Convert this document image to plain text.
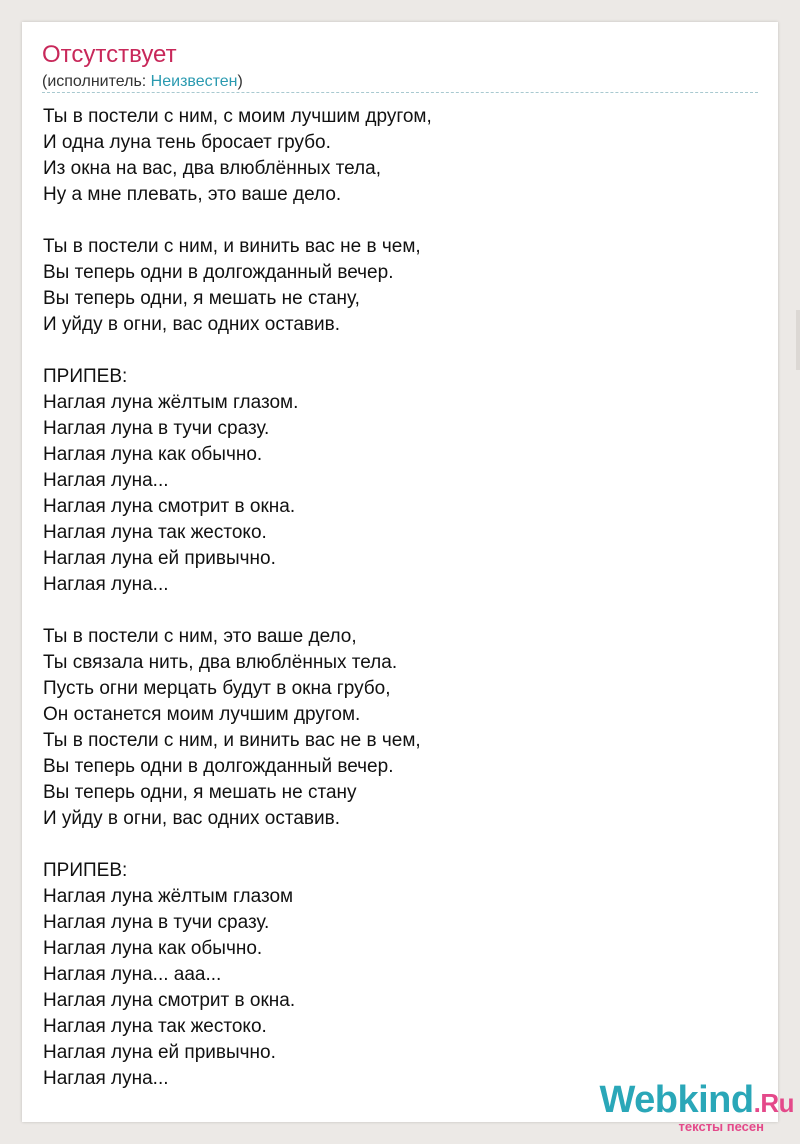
Отсутствует
(исполнитель: Неизвестен)
Ты в постели с ним, с моим лучшим другом,
И одна луна тень бросает грубо.
Из окна на вас, два влюблённых тела,
Ну а мне плевать, это ваше дело.
Ты в постели с ним, и винить вас не в чем,
Вы теперь одни в долгожданный вечер.
Вы теперь одни, я мешать не стану,
И уйду в огни, вас одних оставив.
ПРИПЕВ:
Наглая луна жёлтым глазом.
Наглая луна в тучи сразу.
Наглая луна как обычно.
Наглая луна...
Наглая луна смотрит в окна.
Наглая луна так жестоко.
Наглая луна ей привычно.
Наглая луна...
Ты в постели с ним, это ваше дело,
Ты связала нить, два влюблённых тела.
Пусть огни мерцать будут в окна грубо,
Он останется моим лучшим другом.
Ты в постели с ним, и винить вас не в чем,
Вы теперь одни в долгожданный вечер.
Вы теперь одни, я мешать не стану
И уйду в огни, вас одних оставив.
ПРИПЕВ:
Наглая луна жёлтым глазом
Наглая луна в тучи сразу.
Наглая луна как обычно.
Наглая луна... ааа...
Наглая луна смотрит в окна.
Наглая луна так жестоко.
Наглая луна ей привычно.
Наглая луна...
Webkind.Ru
тексты песен
